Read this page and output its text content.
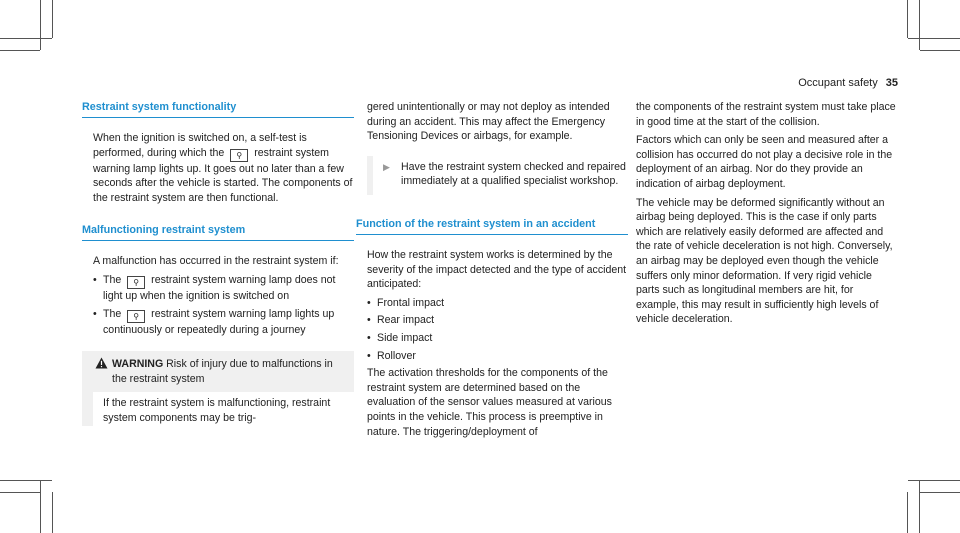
Occupant safety 35
Restraint system functionality

When the ignition is switched on, a self-test is performed, during which the ⚲ restraint system warning lamp lights up. It goes out no later than a few seconds after the vehicle is started. The components of the restraint system are then functional.

Malfunctioning restraint system

A malfunction has occurred in the restraint system if:

• The ⚲ restraint system warning lamp does not light up when the ignition is switched on
• The ⚲ restraint system warning lamp lights up continuously or repeatedly during a journey
WARNING Risk of injury due to malfunctions in the restraint system
If the restraint system is malfunctioning, restraint system components may be trig-

gered unintentionally or may not deploy as intended during an accident. This may affect the Emergency Tensioning Devices or airbags, for example.

▶ Have the restraint system checked and repaired immediately at a qualified specialist workshop.
Function of the restraint system in an accident

How the restraint system works is determined by the severity of the impact detected and the type of accident anticipated:

• Frontal impact
• Rear impact
• Side impact
• Rollover

The activation thresholds for the components of the restraint system are determined based on the evaluation of the sensor values measured at various points in the vehicle. This process is preemptive in nature. The triggering/deployment of

the components of the restraint system must take place in good time at the start of the collision.

Factors which can only be seen and measured after a collision has occurred do not play a decisive role in the deployment of an airbag. Nor do they provide an indication of airbag deployment.

The vehicle may be deformed significantly without an airbag being deployed. This is the case if only parts which are relatively easily deformed are affected and the rate of vehicle deceleration is not high. Conversely, an airbag may be deployed even though the vehicle suffers only minor deformation. If very rigid vehicle parts such as longitudinal members are hit, for example, this may result in sufficiently high levels of vehicle deceleration.
